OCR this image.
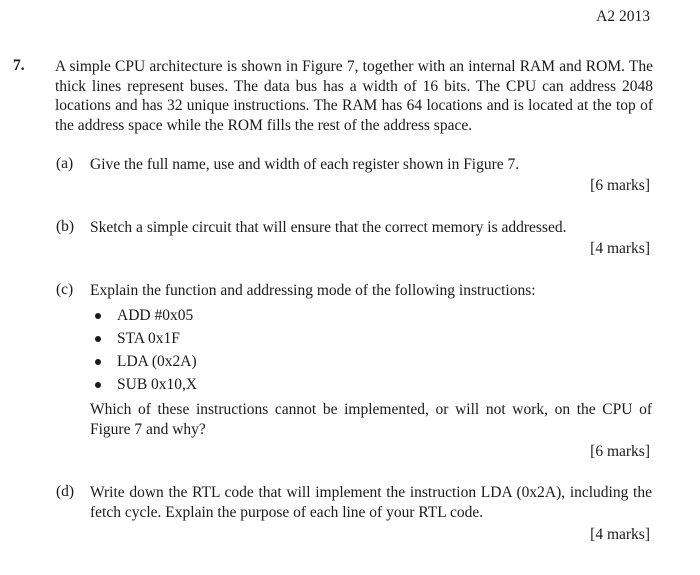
A2 2013
7. A simple CPU architecture is shown in Figure 7, together with an internal RAM and ROM. The thick lines represent buses. The data bus has a width of 16 bits. The CPU can address 2048 locations and has 32 unique instructions. The RAM has 64 locations and is located at the top of the address space while the ROM fills the rest of the address space.

(a) Give the full name, use and width of each register shown in Figure 7.

[6 marks]
(b) Sketch a simple circuit that will ensure that the correct memory is addressed.

[4 marks]
(c) Explain the function and addressing mode of the following instructions:

ADD #0x05
STA 0x1F
LDA (0x2A)
SUB 0x10,X

Which of these instructions cannot be implemented, or will not work, on the CPU of Figure 7 and why?

[6 marks]
(d) Write down the RTL code that will implement the instruction LDA (0x2A), including the fetch cycle. Explain the purpose of each line of your RTL code.

[4 marks]
